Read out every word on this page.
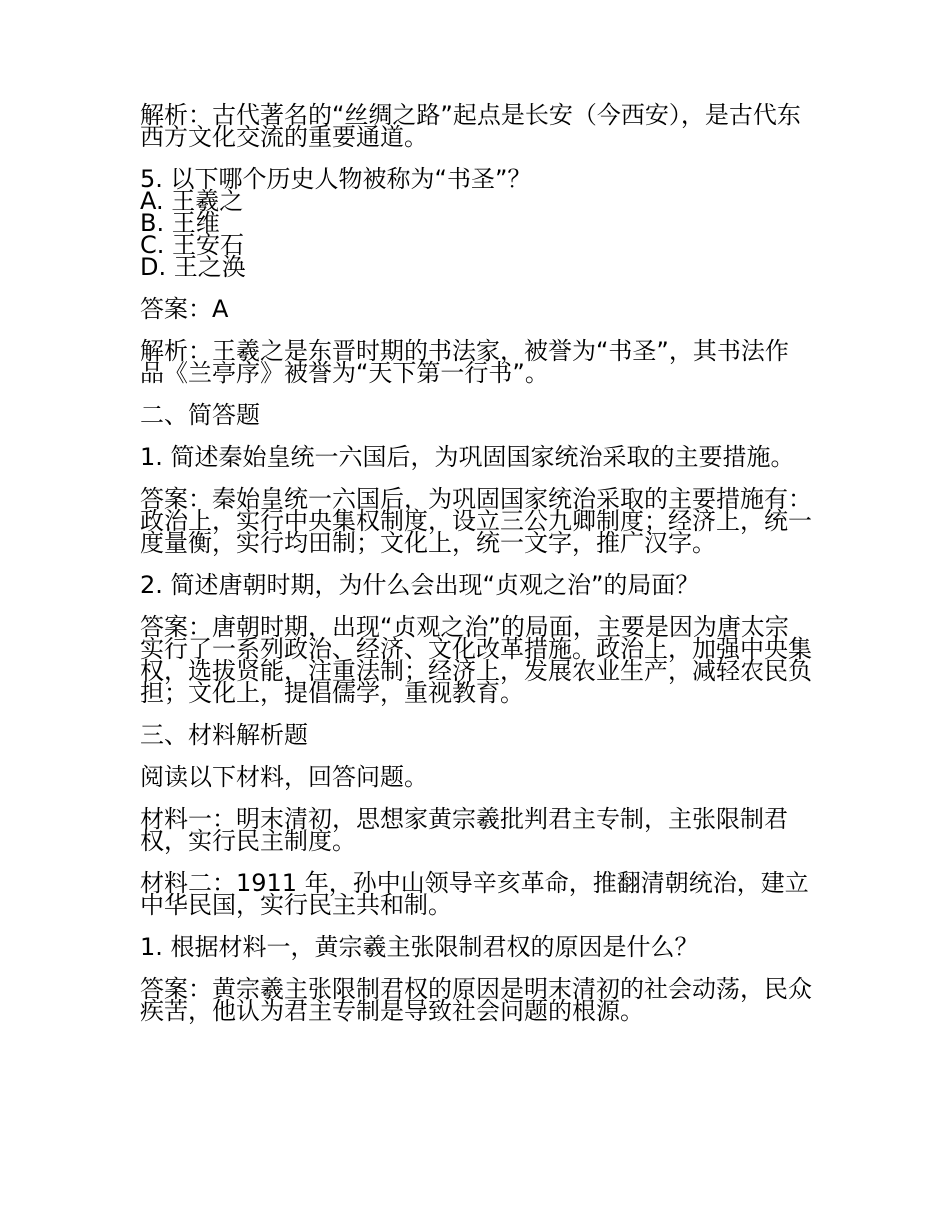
解析：古代著名的“丝绸之路”起点是长安（今西安），是古代东西方文化交流的重要通道。

5. 以下哪个历史人物被称为“书圣”？

A. 王羲之

B. 王维

C. 王安石

D. 王之涣

答案：A

解析：王羲之是东晋时期的书法家，被誉为“书圣”，其书法作品《兰亭序》被誉为“天下第一行书”。

二、简答题

1. 简述秦始皇统一六国后，为巩固国家统治采取的主要措施。

答案：秦始皇统一六国后，为巩固国家统治采取的主要措施有：政治上，实行中央集权制度，设立三公九卿制度；经济上，统一度量衡，实行均田制；文化上，统一文字，推广汉字。

2. 简述唐朝时期，为什么会出现“贞观之治”的局面？

答案：唐朝时期，出现“贞观之治”的局面，主要是因为唐太宗实行了一系列政治、经济、文化改革措施。政治上，加强中央集权，选拔贤能，注重法制；经济上，发展农业生产，减轻农民负担；文化上，提倡儒学，重视教育。

三、材料解析题

阅读以下材料，回答问题。

材料一：明末清初，思想家黄宗羲批判君主专制，主张限制君权，实行民主制度。

材料二：1911 年，孙中山领导辛亥革命，推翻清朝统治，建立中华民国，实行民主共和制。

1. 根据材料一，黄宗羲主张限制君权的原因是什么？

答案：黄宗羲主张限制君权的原因是明末清初的社会动荡，民众疾苦，他认为君主专制是导致社会问题的根源。
